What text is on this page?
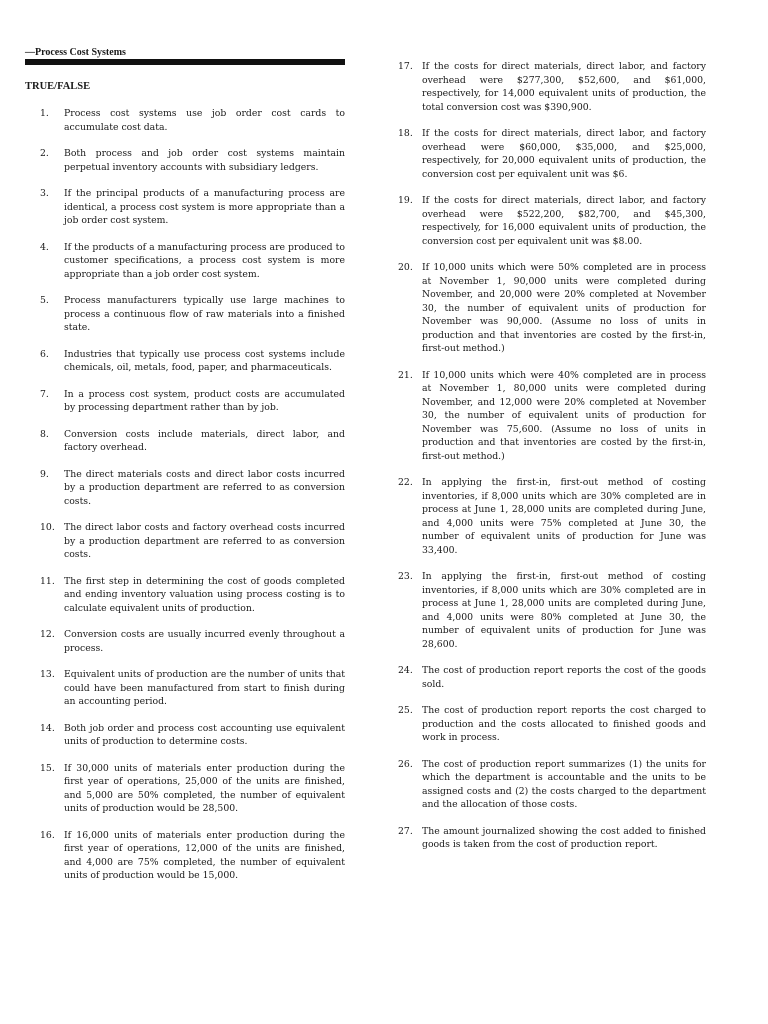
—Process Cost Systems
TRUE/FALSE
1.	Process cost systems use job order cost cards to accumulate cost data.
2.	Both process and job order cost systems maintain perpetual inventory accounts with subsidiary ledgers.
3.	If the principal products of a manufacturing process are identical, a process cost system is more appropriate than a job order cost system.
4.	If the products of a manufacturing process are produced to customer specifications, a process cost system is more appropriate than a job order cost system.
5.	Process manufacturers typically use large machines to process a continuous flow of raw materials into a finished state.
6.	Industries that typically use process cost systems include chemicals, oil, metals, food, paper, and pharmaceuticals.
7.	In a process cost system, product costs are accumulated by processing department rather than by job.
8.	Conversion costs include materials, direct labor, and factory overhead.
9.	The direct materials costs and direct labor costs incurred by a production department are referred to as conversion costs.
10. The direct labor costs and factory overhead costs incurred by a production department are referred to as conversion costs.
11. The first step in determining the cost of goods completed and ending inventory valuation using process costing is to calculate equivalent units of production.
12. Conversion costs are usually incurred evenly throughout a process.
13. Equivalent units of production are the number of units that could have been manufactured from start to finish during an accounting period.
14. Both job order and process cost accounting use equivalent units of production to determine costs.
15. If 30,000 units of materials enter production during the first year of operations, 25,000 of the units are finished, and 5,000 are 50% completed, the number of equivalent units of production would be 28,500.
16. If 16,000 units of materials enter production during the first year of operations, 12,000 of the units are finished, and 4,000 are 75% completed, the number of equivalent units of production would be 15,000.
17. If the costs for direct materials, direct labor, and factory overhead were $277,300, $52,600, and $61,000, respectively, for 14,000 equivalent units of production, the total conversion cost was $390,900.
18. If the costs for direct materials, direct labor, and factory overhead were $60,000, $35,000, and $25,000, respectively, for 20,000 equivalent units of production, the conversion cost per equivalent unit was $6.
19. If the costs for direct materials, direct labor, and factory overhead were $522,200, $82,700, and $45,300, respectively, for 16,000 equivalent units of production, the conversion cost per equivalent unit was $8.00.
20. If 10,000 units which were 50% completed are in process at November 1, 90,000 units were completed during November, and 20,000 were 20% completed at November 30, the number of equivalent units of production for November was 90,000. (Assume no loss of units in production and that inventories are costed by the first-in, first-out method.)
21. If 10,000 units which were 40% completed are in process at November 1, 80,000 units were completed during November, and 12,000 were 20% completed at November 30, the number of equivalent units of production for November was 75,600. (Assume no loss of units in production and that inventories are costed by the first-in, first-out method.)
22. In applying the first-in, first-out method of costing inventories, if 8,000 units which are 30% completed are in process at June 1, 28,000 units are completed during June, and 4,000 units were 75% completed at June 30, the number of equivalent units of production for June was 33,400.
23. In applying the first-in, first-out method of costing inventories, if 8,000 units which are 30% completed are in process at June 1, 28,000 units are completed during June, and 4,000 units were 80% completed at June 30, the number of equivalent units of production for June was 28,600.
24. The cost of production report reports the cost of the goods sold.
25. The cost of production report reports the cost charged to production and the costs allocated to finished goods and work in process.
26. The cost of production report summarizes (1) the units for which the department is accountable and the units to be assigned costs and (2) the costs charged to the department and the allocation of those costs.
27. The amount journalized showing the cost added to finished goods is taken from the cost of production report.
